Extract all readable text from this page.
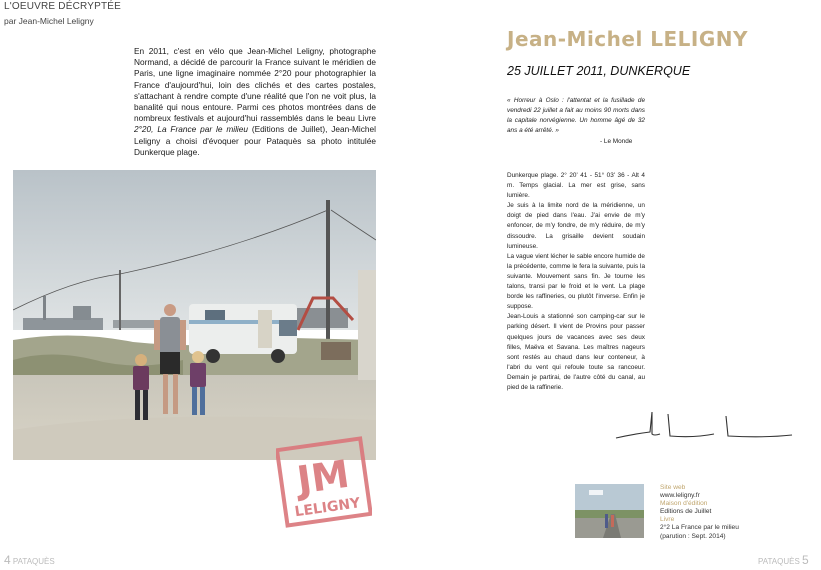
L'OEUVRE DÉCRYPTÉE
par Jean-Michel Leligny
En 2011, c'est en vélo que Jean-Michel Leligny, photographe Normand, a décidé de parcourir la France suivant le méridien de Paris, une ligne imaginaire nommée 2°20 pour photographier la France d'aujourd'hui, loin des clichés et des cartes postales, s'attachant à rendre compte d'une réalité que l'on ne voit plus, la banalité qui nous entoure. Parmi ces photos montrées dans de nombreux festivals et aujourd'hui rassemblés dans le beau Livre 2°20, La France par le milieu (Editions de Juillet), Jean-Michel Leligny a choisi d'évoquer pour Pataquès sa photo intitulée Dunkerque plage.
JM
LELIGNY
Jean-Michel LELIGNY
25 JUILLET 2011, DUNKERQUE
« Horreur à Oslo : l'attentat et la fusillade de vendredi 22 juillet a fait au moins 90 morts dans la capitale norvégienne. Un homme âgé de 32 ans a été arrêté. »
- Le Monde

Dunkerque plage. 2° 20' 41 - 51° 03' 36 - Alt 4 m. Temps glacial. La mer est grise, sans lumière.

Je suis à la limite nord de la méridienne, un doigt de pied dans l'eau. J'ai envie de m'y enfoncer, de m'y fondre, de m'y réduire, de m'y dissoudre. La grisaille devient soudain lumineuse.

La vague vient lécher le sable encore humide de la précédente, comme le fera la suivante, puis la suivante. Mouvement sans fin. Je tourne les talons, transi par le froid et le vent. La plage borde les raffineries, ou plutôt l'inverse. Enfin je suppose.

Jean-Louis a stationné son camping-car sur le parking désert. Il vient de Provins pour passer quelques jours de vacances avec ses deux filles, Maëva et Savana. Les maîtres nageurs sont restés au chaud dans leur conteneur, à l'abri du vent qui refoule toute sa rancoeur. Demain je partirai, de l'autre côté du canal, au pied de la raffinerie.

Site web
www.leligny.fr
Maison d'édition
Editions de Juillet
Livre
2°2 La France par le milieu
(parution : Sept. 2014)
4 PATAQUÈS	PATAQUÈS 5
